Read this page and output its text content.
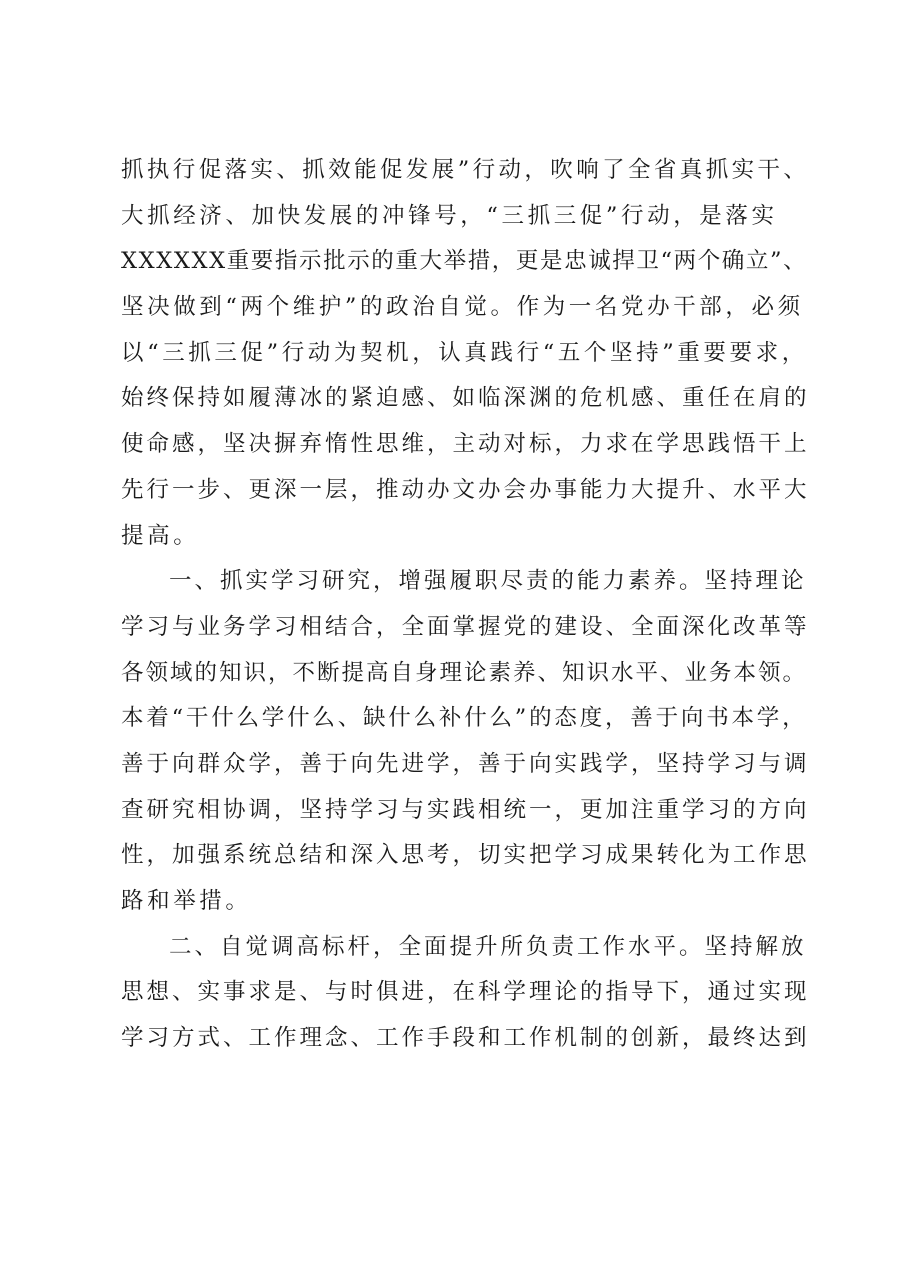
抓执行促落实、抓效能促发展”行动，吹响了全省真抓实干、
大抓经济、加快发展的冲锋号，“三抓三促”行动，是落实
XXXXXX重要指示批示的重大举措，更是忠诚捍卫“两个确立”、
坚决做到“两个维护”的政治自觉。作为一名党办干部，必须
以“三抓三促”行动为契机，认真践行“五个坚持”重要要求，
始终保持如履薄冰的紧迫感、如临深渊的危机感、重任在肩的
使命感，坚决摒弃惰性思维，主动对标，力求在学思践悟干上
先行一步、更深一层，推动办文办会办事能力大提升、水平大
提高。
一、抓实学习研究，增强履职尽责的能力素养。坚持理论
学习与业务学习相结合，全面掌握党的建设、全面深化改革等
各领域的知识，不断提高自身理论素养、知识水平、业务本领。
本着“干什么学什么、缺什么补什么”的态度，善于向书本学，
善于向群众学，善于向先进学，善于向实践学，坚持学习与调
查研究相协调，坚持学习与实践相统一，更加注重学习的方向
性，加强系统总结和深入思考，切实把学习成果转化为工作思
路和举措。
二、自觉调高标杆，全面提升所负责工作水平。坚持解放
思想、实事求是、与时俱进，在科学理论的指导下，通过实现
学习方式、工作理念、工作手段和工作机制的创新，最终达到
